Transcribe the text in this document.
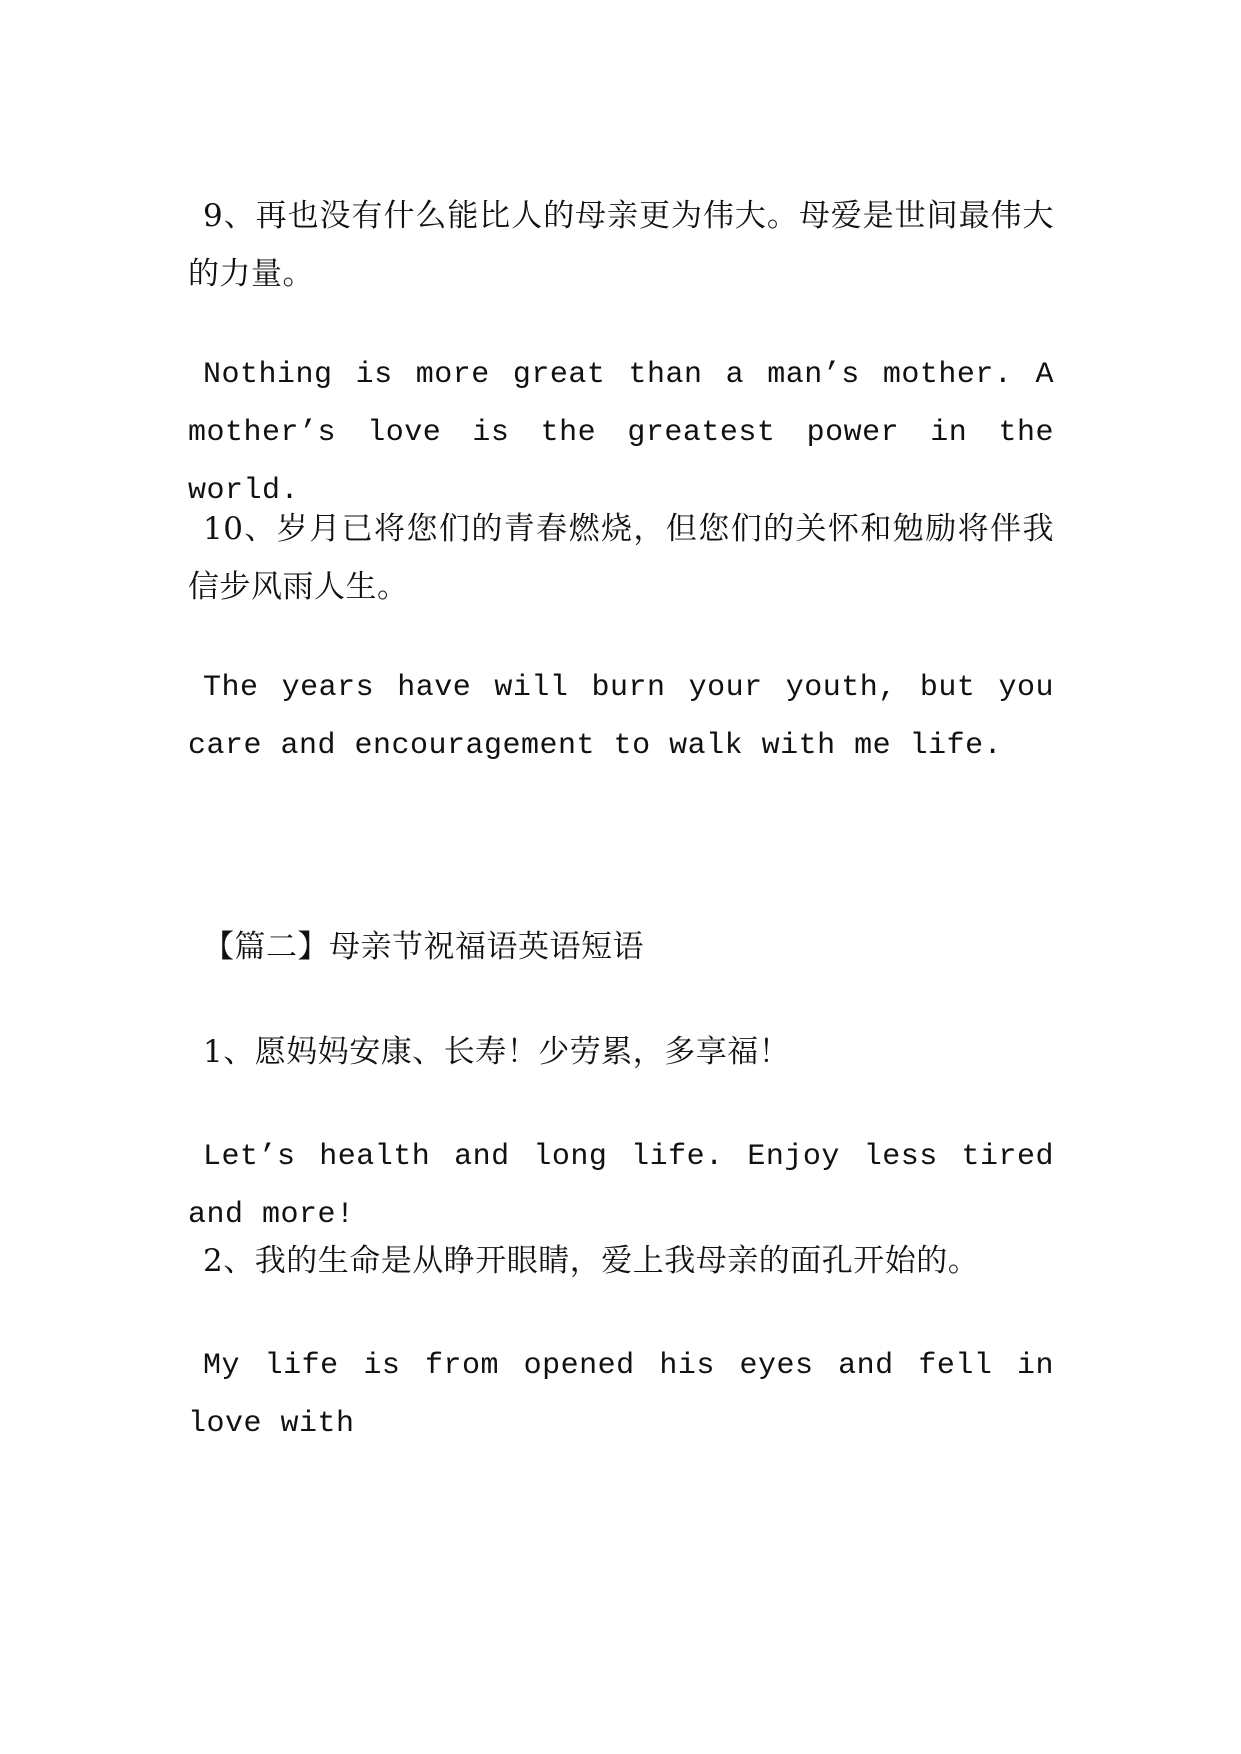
9、再也没有什么能比人的母亲更为伟大。母爱是世间最伟大的力量。

Nothing is more great than a man’s mother. A mother’s love is the greatest power in the world.

10、岁月已将您们的青春燃烧，但您们的关怀和勉励将伴我信步风雨人生。

The years have will burn your youth, but you care and encouragement to walk with me life.

【篇二】母亲节祝福语英语短语

1、愿妈妈安康、长寿！少劳累，多享福！

Let’s health and long life. Enjoy less tired and more!

2、我的生命是从睁开眼睛，爱上我母亲的面孔开始的。

My life is from opened his eyes and fell in love with
